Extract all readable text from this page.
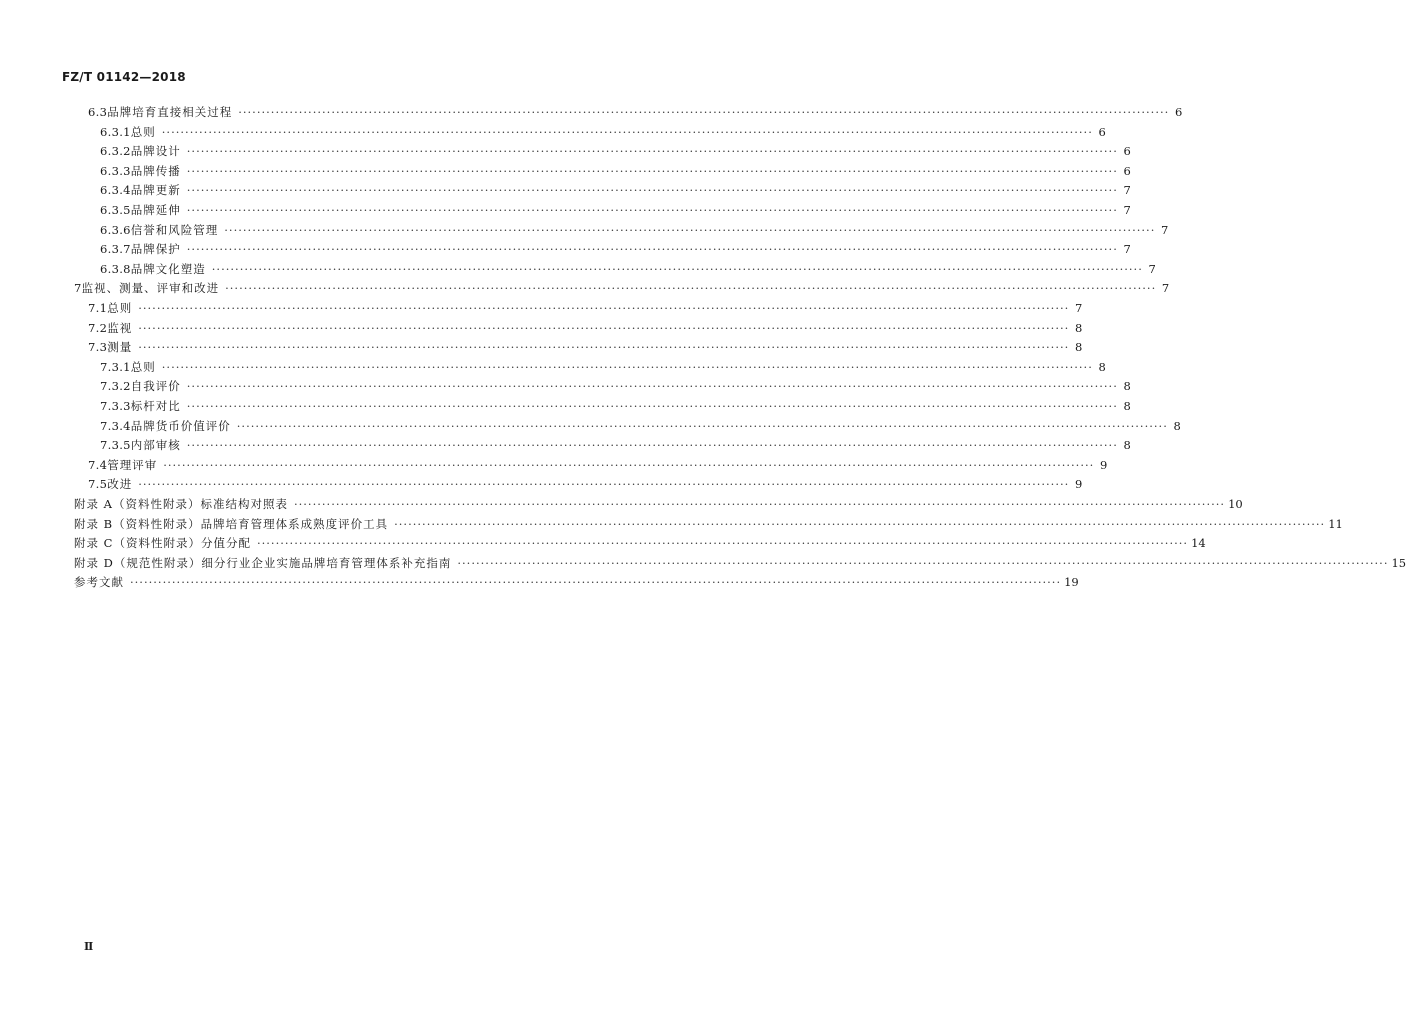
FZ/T 01142—2018
6.3 品牌培育直接相关过程 ········································································································································································································ 6
6.3.1 总则 ········································································································································································································ 6
6.3.2 品牌设计 ········································································································································································································ 6
6.3.3 品牌传播 ········································································································································································································ 6
6.3.4 品牌更新 ········································································································································································································ 7
6.3.5 品牌延伸 ········································································································································································································ 7
6.3.6 信誉和风险管理 ········································································································································································································ 7
6.3.7 品牌保护 ········································································································································································································ 7
6.3.8 品牌文化塑造 ········································································································································································································ 7
7 监视、测量、评审和改进 ········································································································································································································ 7
7.1 总则 ········································································································································································································ 7
7.2 监视 ········································································································································································································ 8
7.3 测量 ········································································································································································································ 8
7.3.1 总则 ········································································································································································································ 8
7.3.2 自我评价 ········································································································································································································ 8
7.3.3 标杆对比 ········································································································································································································ 8
7.3.4 品牌货币价值评价 ········································································································································································································ 8
7.3.5 内部审核 ········································································································································································································ 8
7.4 管理评审 ········································································································································································································ 9
7.5 改进 ········································································································································································································ 9
附录 A（资料性附录） 标准结构对照表 ········································································································································································································ 10
附录 B（资料性附录） 品牌培育管理体系成熟度评价工具 ········································································································································································································ 11
附录 C（资料性附录） 分值分配 ········································································································································································································ 14
附录 D（规范性附录） 细分行业企业实施品牌培育管理体系补充指南 ········································································································································································································ 15
参考文献 ········································································································································································································ 19
Ⅱ
